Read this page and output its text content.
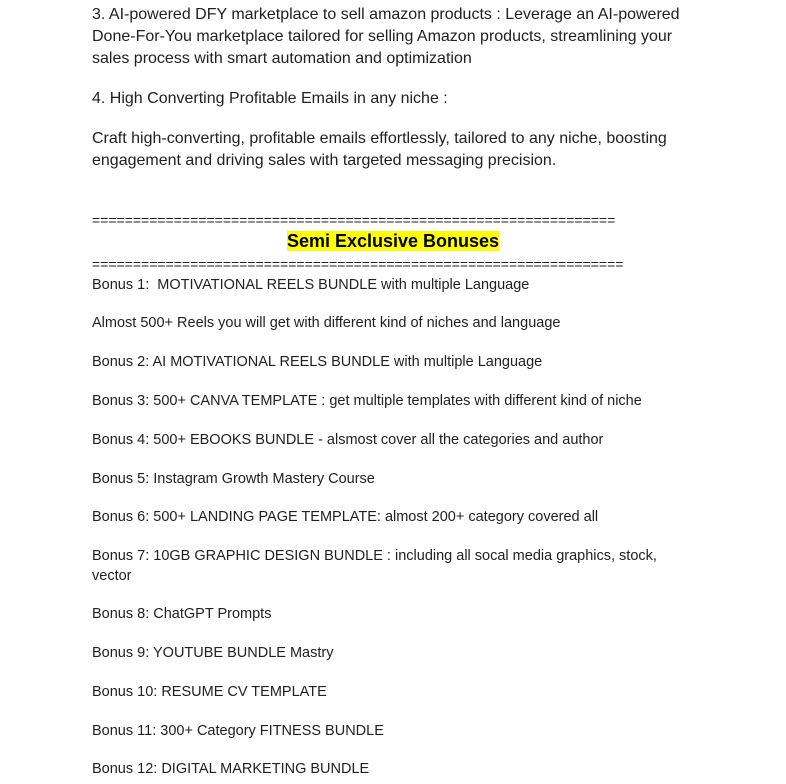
3. AI-powered DFY marketplace to sell amazon products : Leverage an AI-powered Done-For-You marketplace tailored for selling Amazon products, streamlining your sales process with smart automation and optimization

4. High Converting Profitable Emails in any niche :

Craft high-converting, profitable emails effortlessly, tailored to any niche, boosting engagement and driving sales with targeted messaging precision.

================================================================

Semi Exclusive Bonuses

=================================================================

Bonus 1:  MOTIVATIONAL REELS BUNDLE with multiple Language

Almost 500+ Reels you will get with different kind of niches and language

Bonus 2: AI MOTIVATIONAL REELS BUNDLE with multiple Language

Bonus 3: 500+ CANVA TEMPLATE : get multiple templates with different kind of niche

Bonus 4: 500+ EBOOKS BUNDLE - alsmost cover all the categories and author

Bonus 5: Instagram Growth Mastery Course

Bonus 6: 500+ LANDING PAGE TEMPLATE: almost 200+ category covered all

Bonus 7: 10GB GRAPHIC DESIGN BUNDLE : including all socal media graphics, stock, vector

Bonus 8: ChatGPT Prompts

Bonus 9: YOUTUBE BUNDLE Mastry

Bonus 10: RESUME CV TEMPLATE

Bonus 11: 300+ Category FITNESS BUNDLE

Bonus 12: DIGITAL MARKETING BUNDLE
